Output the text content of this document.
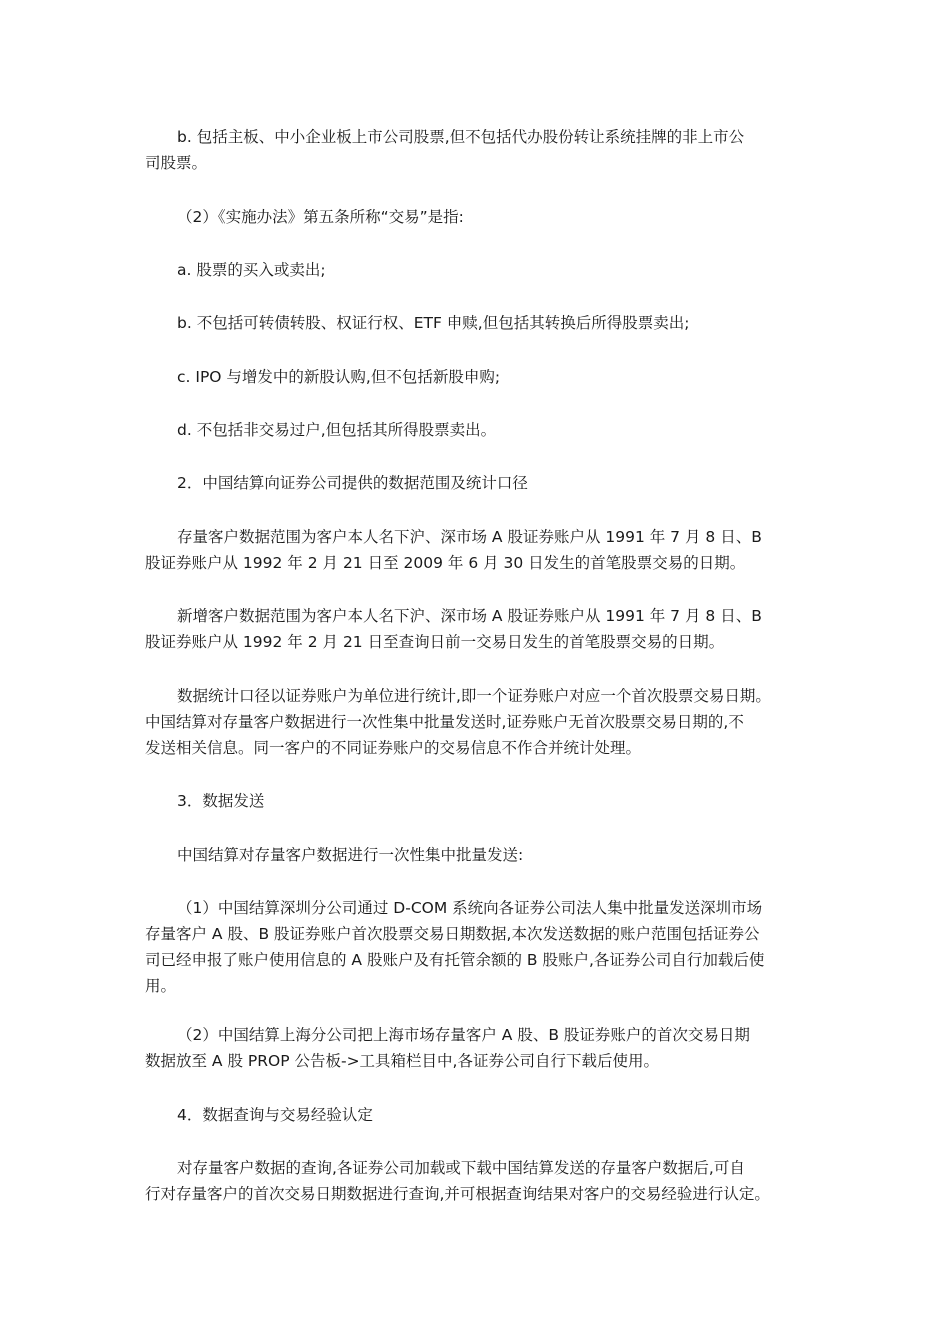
b. 包括主板、中小企业板上市公司股票,但不包括代办股份转让系统挂牌的非上市公
司股票。

（2）《实施办法》第五条所称“交易”是指:

a. 股票的买入或卖出;

b. 不包括可转债转股、权证行权、ETF 申赎,但包括其转换后所得股票卖出;

c. IPO 与增发中的新股认购,但不包括新股申购;

d. 不包括非交易过户,但包括其所得股票卖出。

2．中国结算向证券公司提供的数据范围及统计口径

存量客户数据范围为客户本人名下沪、深市场 A 股证券账户从 1991 年 7 月 8 日、B
股证券账户从 1992 年 2 月 21 日至 2009 年 6 月 30 日发生的首笔股票交易的日期。

新增客户数据范围为客户本人名下沪、深市场 A 股证券账户从 1991 年 7 月 8 日、B
股证券账户从 1992 年 2 月 21 日至查询日前一交易日发生的首笔股票交易的日期。

数据统计口径以证券账户为单位进行统计,即一个证券账户对应一个首次股票交易日期。
中国结算对存量客户数据进行一次性集中批量发送时,证券账户无首次股票交易日期的,不
发送相关信息。同一客户的不同证券账户的交易信息不作合并统计处理。

3．数据发送

中国结算对存量客户数据进行一次性集中批量发送:

（1）中国结算深圳分公司通过 D-COM 系统向各证券公司法人集中批量发送深圳市场
存量客户 A 股、B 股证券账户首次股票交易日期数据,本次发送数据的账户范围包括证券公
司已经申报了账户使用信息的 A 股账户及有托管余额的 B 股账户,各证券公司自行加载后使
用。

（2）中国结算上海分公司把上海市场存量客户 A 股、B 股证券账户的首次交易日期
数据放至 A 股 PROP 公告板->工具箱栏目中,各证券公司自行下载后使用。

4．数据查询与交易经验认定

对存量客户数据的查询,各证券公司加载或下载中国结算发送的存量客户数据后,可自
行对存量客户的首次交易日期数据进行查询,并可根据查询结果对客户的交易经验进行认定。
